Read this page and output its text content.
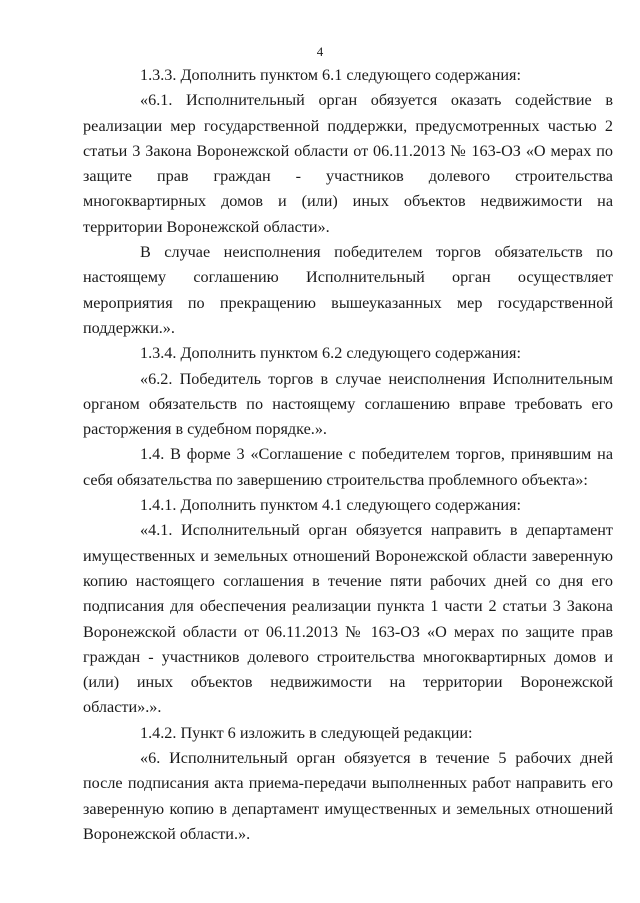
4

1.3.3. Дополнить пунктом 6.1 следующего содержания:

«6.1. Исполнительный орган обязуется оказать содействие в реализации мер государственной поддержки, предусмотренных частью 2 статьи 3 Закона Воронежской области от 06.11.2013 № 163-ОЗ «О мерах по защите прав граждан - участников долевого строительства многоквартирных домов и (или) иных объектов недвижимости на территории Воронежской области».

В случае неисполнения победителем торгов обязательств по настоящему соглашению Исполнительный орган осуществляет мероприятия по прекращению вышеуказанных мер государственной поддержки.».

1.3.4. Дополнить пунктом 6.2 следующего содержания:

«6.2. Победитель торгов в случае неисполнения Исполнительным органом обязательств по настоящему соглашению вправе требовать его расторжения в судебном порядке.».

1.4. В форме 3 «Соглашение с победителем торгов, принявшим на себя обязательства по завершению строительства проблемного объекта»:

1.4.1. Дополнить пунктом 4.1 следующего содержания:

«4.1. Исполнительный орган обязуется направить в департамент имущественных и земельных отношений Воронежской области заверенную копию настоящего соглашения в течение пяти рабочих дней со дня его подписания для обеспечения реализации пункта 1 части 2 статьи 3 Закона Воронежской области от 06.11.2013 № 163-ОЗ «О мерах по защите прав граждан - участников долевого строительства многоквартирных домов и (или) иных объектов недвижимости на территории Воронежской области».».

1.4.2. Пункт 6 изложить в следующей редакции:

«6. Исполнительный орган обязуется в течение 5 рабочих дней после подписания акта приема-передачи выполненных работ направить его заверенную копию в департамент имущественных и земельных отношений Воронежской области.».
